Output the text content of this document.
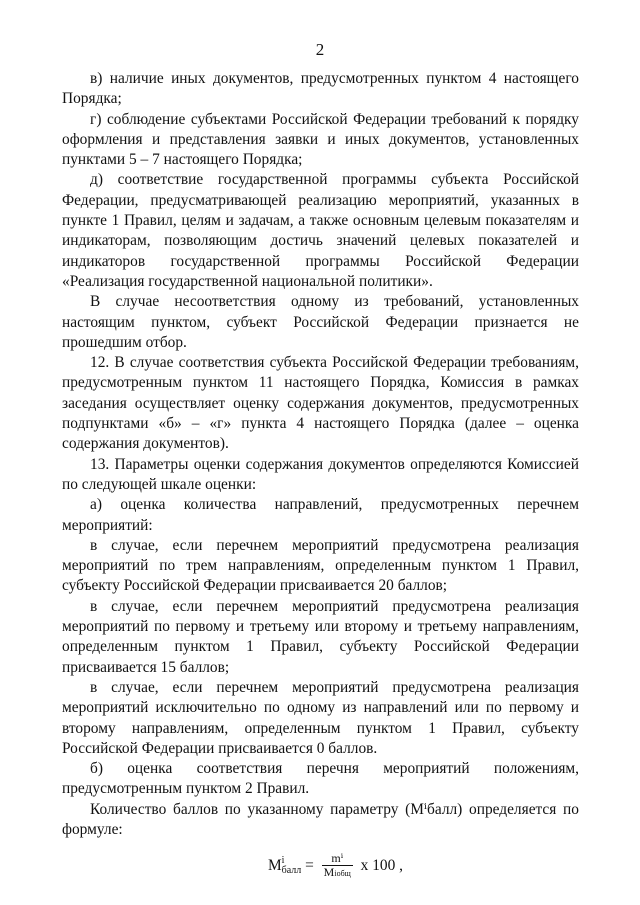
2

в) наличие иных документов, предусмотренных пунктом 4 настоящего Порядка;

г) соблюдение субъектами Российской Федерации требований к порядку оформления и представления заявки и иных документов, установленных пунктами 5 – 7 настоящего Порядка;

д) соответствие государственной программы субъекта Российской Федерации, предусматривающей реализацию мероприятий, указанных в пункте 1 Правил, целям и задачам, а также основным целевым показателям и индикаторам, позволяющим достичь значений целевых показателей и индикаторов государственной программы Российской Федерации «Реализация государственной национальной политики».

В случае несоответствия одному из требований, установленных настоящим пунктом, субъект Российской Федерации признается не прошедшим отбор.

12. В случае соответствия субъекта Российской Федерации требованиям, предусмотренным пунктом 11 настоящего Порядка, Комиссия в рамках заседания осуществляет оценку содержания документов, предусмотренных подпунктами «б» – «г» пункта 4 настоящего Порядка (далее – оценка содержания документов).

13. Параметры оценки содержания документов определяются Комиссией по следующей шкале оценки:

а) оценка количества направлений, предусмотренных перечнем мероприятий:

в случае, если перечнем мероприятий предусмотрена реализация мероприятий по трем направлениям, определенным пунктом 1 Правил, субъекту Российской Федерации присваивается 20 баллов;

в случае, если перечнем мероприятий предусмотрена реализация мероприятий по первому и третьему или второму и третьему направлениям, определенным пунктом 1 Правил, субъекту Российской Федерации присваивается 15 баллов;

в случае, если перечнем мероприятий предусмотрена реализация мероприятий исключительно по одному из направлений или по первому и второму направлениям, определенным пунктом 1 Правил, субъекту Российской Федерации присваивается 0 баллов.

б) оценка соответствия перечня мероприятий положениям, предусмотренным пунктом 2 Правил.

Количество баллов по указанному параметру (Mⁱбалл) определяется по формуле:

Mi
балл = $\frac{\text{mⁱ}}{\text{Miобщ}}$ x 100 ,
